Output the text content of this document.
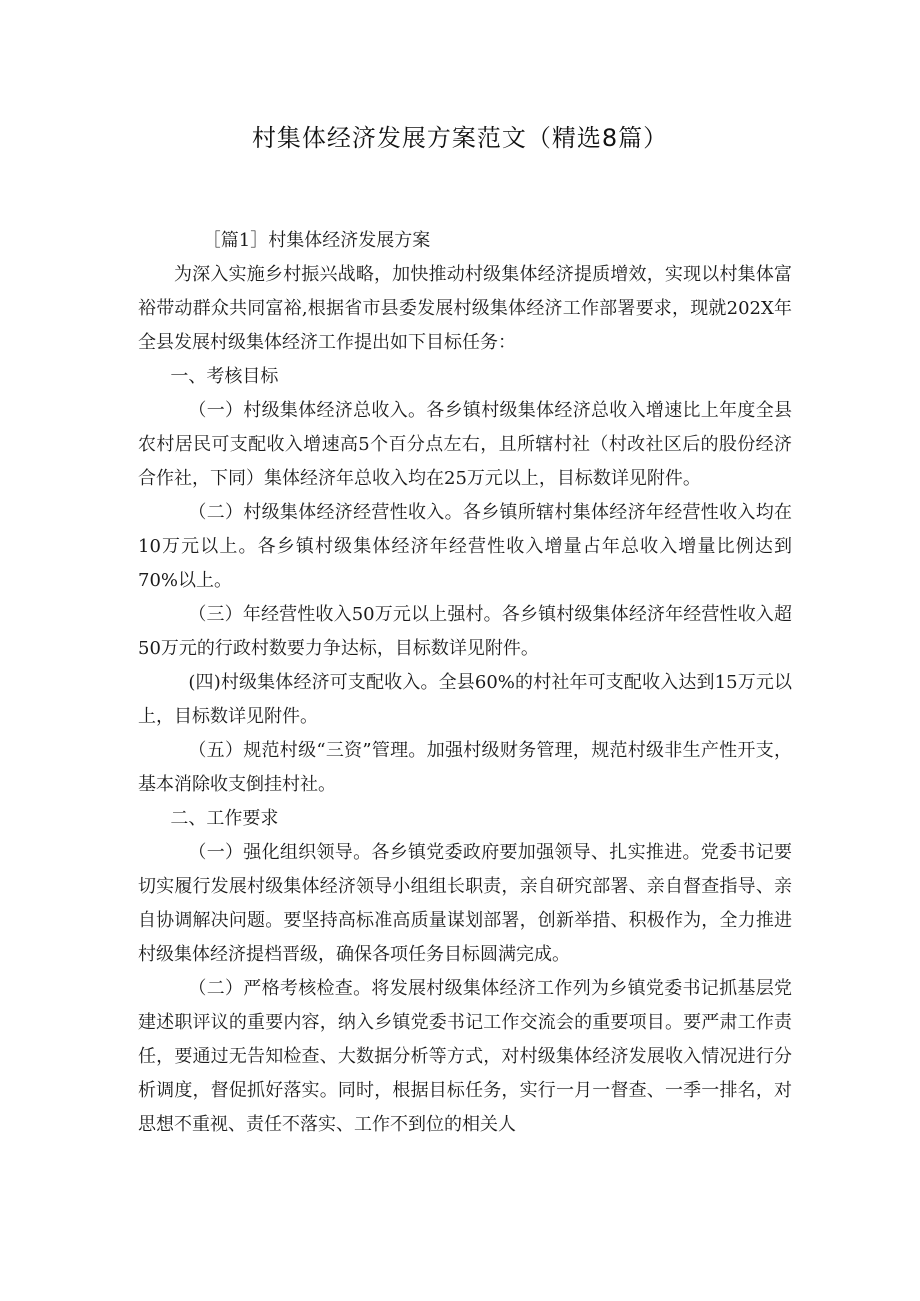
村集体经济发展方案范文（精选8篇）

［篇1］村集体经济发展方案

为深入实施乡村振兴战略，加快推动村级集体经济提质增效，实现以村集体富裕带动群众共同富裕,根据省市县委发展村级集体经济工作部署要求，现就202X年全县发展村级集体经济工作提出如下目标任务：

一、考核目标

（一）村级集体经济总收入。各乡镇村级集体经济总收入增速比上年度全县农村居民可支配收入增速高5个百分点左右，且所辖村社（村改社区后的股份经济合作社，下同）集体经济年总收入均在25万元以上，目标数详见附件。

（二）村级集体经济经营性收入。各乡镇所辖村集体经济年经营性收入均在10万元以上。各乡镇村级集体经济年经营性收入增量占年总收入增量比例达到70%以上。

（三）年经营性收入50万元以上强村。各乡镇村级集体经济年经营性收入超50万元的行政村数要力争达标，目标数详见附件。

(四)村级集体经济可支配收入。全县60%的村社年可支配收入达到15万元以上，目标数详见附件。

（五）规范村级“三资”管理。加强村级财务管理，规范村级非生产性开支，基本消除收支倒挂村社。

二、工作要求

（一）强化组织领导。各乡镇党委政府要加强领导、扎实推进。党委书记要切实履行发展村级集体经济领导小组组长职责，亲自研究部署、亲自督查指导、亲自协调解决问题。要坚持高标准高质量谋划部署，创新举措、积极作为，全力推进村级集体经济提档晋级，确保各项任务目标圆满完成。

（二）严格考核检查。将发展村级集体经济工作列为乡镇党委书记抓基层党建述职评议的重要内容，纳入乡镇党委书记工作交流会的重要项目。要严肃工作责任，要通过无告知检查、大数据分析等方式，对村级集体经济发展收入情况进行分析调度，督促抓好落实。同时，根据目标任务，实行一月一督查、一季一排名，对思想不重视、责任不落实、工作不到位的相关人
